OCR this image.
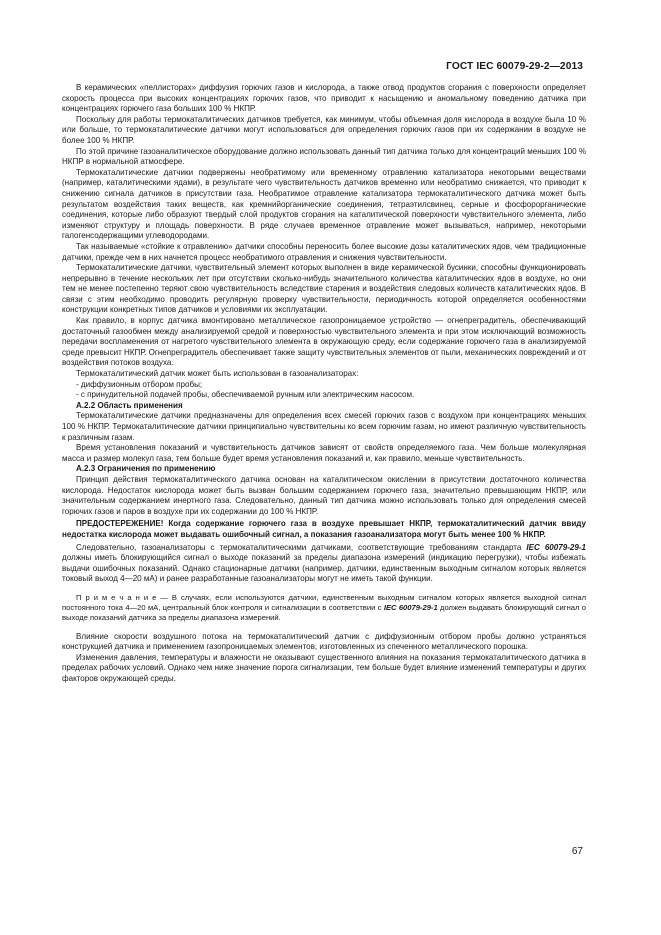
ГОСТ IEC 60079-29-2—2013

В керамических «пеллисторах» диффузия горючих газов и кислорода, а также отвод продуктов сгорания с поверхности определяет скорость процесса при высоких концентрациях горючих газов, что приводит к насыщению и аномальному поведению датчика при концентрациях горючего газа больших 100 % НКПР.

Поскольку для работы термокаталитических датчиков требуется, как минимум, чтобы объемная доля кислорода в воздухе была 10 % или больше, то термокаталитические датчики могут использоваться для определения горючих газов при их содержании в воздухе не более 100 % НКПР.

По этой причине газоаналитическое оборудование должно использовать данный тип датчика только для концентраций меньших 100 % НКПР в нормальной атмосфере.

Термокаталитические датчики подвержены необратимому или временному отравлению катализатора некоторыми веществами (например, каталитическими ядами), в результате чего чувствительность датчиков временно или необратимо снижается, что приводит к снижению сигнала датчиков в присутствии газа. Необратимое отравление катализатора термокаталитического датчика может быть результатом воздействия таких веществ, как кремнийорганические соединения, тетраэтилсвинец, серные и фосфорорганические соединения, которые либо образуют твердый слой продуктов сгорания на каталитической поверхности чувствительного элемента, либо изменяют структуру и площадь поверхности. В ряде случаев временное отравление может вызываться, например, некоторыми галогенсодержащими углеводородами.

Так называемые «стойкие к отравлению» датчики способны переносить более высокие дозы каталитических ядов, чем традиционные датчики, прежде чем в них начнется процесс необратимого отравления и снижения чувствительности.

Термокаталитические датчики, чувствительный элемент которых выполнен в виде керамической бусинки, способны функционировать непрерывно в течение нескольких лет при отсутствии сколько-нибудь значительного количества каталитических ядов в воздухе, но они тем не менее постепенно теряют свою чувствительность вследствие старения и воздействия следовых количеств каталитических ядов. В связи с этим необходимо проводить регулярную проверку чувствительности, периодичность которой определяется особенностями конструкции конкретных типов датчиков и условиями их эксплуатации.

Как правило, в корпус датчика вмонтировано металлическое газопроницаемое устройство — огнепреградитель, обеспечивающий достаточный газообмен между анализируемой средой и поверхностью чувствительного элемента и при этом исключающий возможность передачи воспламенения от нагретого чувствительного элемента в окружающую среду, если содержание горючего газа в анализируемой среде превысит НКПР. Огнепреградитель обеспечивает также защиту чувствительных элементов от пыли, механических повреждений и от воздействия потоков воздуха.

Термокаталитический датчик может быть использован в газоанализаторах:

- диффузионным отбором пробы;

- с принудительной подачей пробы, обеспечиваемой ручным или электрическим насосом.

А.2.2 Область применения

Термокаталитические датчики предназначены для определения всех смесей горючих газов с воздухом при концентрациях меньших 100 % НКПР. Термокаталитические датчики принципиально чувствительны ко всем горючим газам, но имеют различную чувствительность к различным газам.

Время установления показаний и чувствительность датчиков зависят от свойств определяемого газа. Чем больше молекулярная масса и размер молекул газа, тем больше будет время установления показаний и, как правило, меньше чувствительность.

А.2.3 Ограничения по применению

Принцип действия термокаталитического датчика основан на каталитическом окислении в присутствии достаточного количества кислорода. Недостаток кислорода может быть вызван большим содержанием горючего газа, значительно превышающим НКПР, или значительным содержанием инертного газа. Следовательно, данный тип датчика можно использовать только для определения смесей горючих газов и паров в воздухе при их содержании до 100 % НКПР.

ПРЕДОСТЕРЕЖЕНИЕ! Когда содержание горючего газа в воздухе превышает НКПР, термокаталитический датчик ввиду недостатка кислорода может выдавать ошибочный сигнал, а показания газоанализатора могут быть менее 100 % НКПР.

Следовательно, газоанализаторы с термокаталитическими датчиками, соответствующие требованиям стандарта IEC 60079-29-1 должны иметь блокирующийся сигнал о выходе показаний за пределы диапазона измерений (индикацию перегрузки), чтобы избежать выдачи ошибочных показаний. Однако стационарные датчики (например, датчики, единственным выходным сигналом которых является токовый выход 4—20 мА) и ранее разработанные газоанализаторы могут не иметь такой функции.

П р и м е ч а н и е — В случаях, если используются датчики, единственным выходным сигналом которых является выходной сигнал постоянного тока 4—20 мА, центральный блок контроля и сигнализации в соответствии с IEC 60079-29-1 должен выдавать блокирующий сигнал о выходе показаний датчика за пределы диапазона измерений.

Влияние скорости воздушного потока на термокаталитический датчик с диффузионным отбором пробы должно устраняться конструкцией датчика и применением газопроницаемых элементов, изготовленных из спеченного металлического порошка.

Изменения давления, температуры и влажности не оказывают существенного влияния на показания термокаталитического датчика в пределах рабочих условий. Однако чем ниже значение порога сигнализации, тем больше будет влияние изменений температуры и других факторов окружающей среды.

67
